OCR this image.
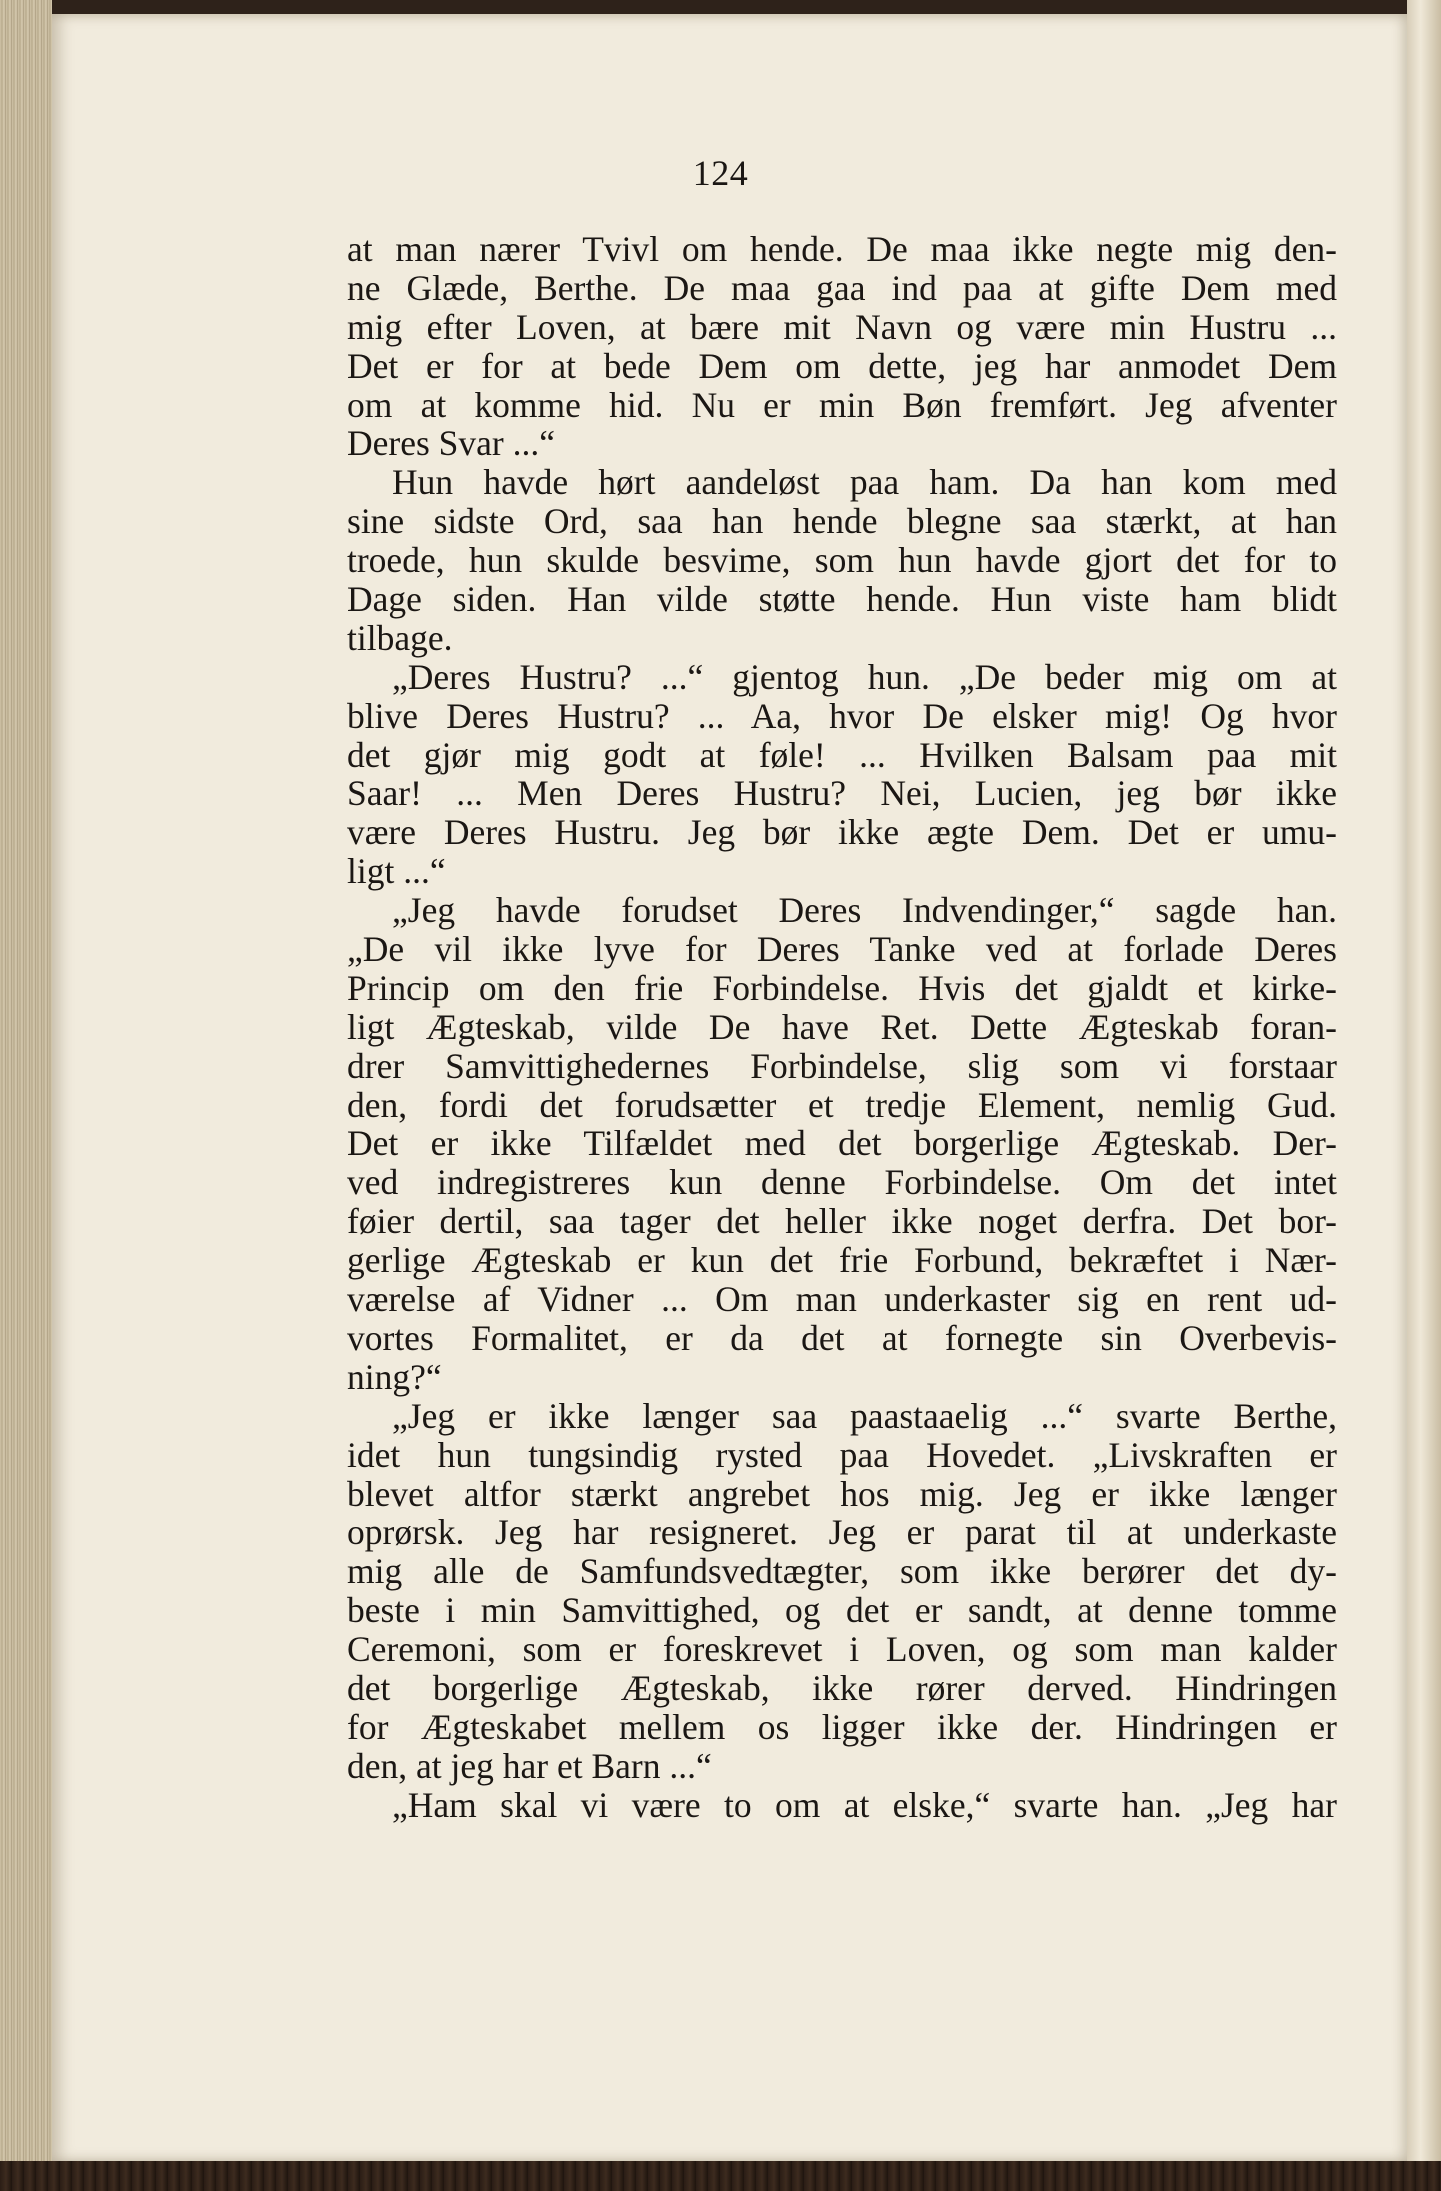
124
at man nærer Tvivl om hende. De maa ikke negte mig den-
ne Glæde, Berthe. De maa gaa ind paa at gifte Dem med
mig efter Loven, at bære mit Navn og være min Hustru ...
Det er for at bede Dem om dette, jeg har anmodet Dem
om at komme hid. Nu er min Bøn fremført. Jeg afventer
Deres Svar ...“
Hun havde hørt aandeløst paa ham. Da han kom med
sine sidste Ord, saa han hende blegne saa stærkt, at han
troede, hun skulde besvime, som hun havde gjort det for to
Dage siden. Han vilde støtte hende. Hun viste ham blidt
tilbage.
„Deres Hustru? ...“ gjentog hun. „De beder mig om at
blive Deres Hustru? ... Aa, hvor De elsker mig! Og hvor
det gjør mig godt at føle! ... Hvilken Balsam paa mit
Saar! ... Men Deres Hustru? Nei, Lucien, jeg bør ikke
være Deres Hustru. Jeg bør ikke ægte Dem. Det er umu-
ligt ...“
„Jeg havde forudset Deres Indvendinger,“ sagde han.
„De vil ikke lyve for Deres Tanke ved at forlade Deres
Princip om den frie Forbindelse. Hvis det gjaldt et kirke-
ligt Ægteskab, vilde De have Ret. Dette Ægteskab foran-
drer Samvittighedernes Forbindelse, slig som vi forstaar
den, fordi det forudsætter et tredje Element, nemlig Gud.
Det er ikke Tilfældet med det borgerlige Ægteskab. Der-
ved indregistreres kun denne Forbindelse. Om det intet
føier dertil, saa tager det heller ikke noget derfra. Det bor-
gerlige Ægteskab er kun det frie Forbund, bekræftet i Nær-
værelse af Vidner ... Om man underkaster sig en rent ud-
vortes Formalitet, er da det at fornegte sin Overbevis-
ning?“
„Jeg er ikke længer saa paastaaelig ...“ svarte Berthe,
idet hun tungsindig rysted paa Hovedet. „Livskraften er
blevet altfor stærkt angrebet hos mig. Jeg er ikke længer
oprørsk. Jeg har resigneret. Jeg er parat til at underkaste
mig alle de Samfundsvedtægter, som ikke berører det dy-
beste i min Samvittighed, og det er sandt, at denne tomme
Ceremoni, som er foreskrevet i Loven, og som man kalder
det borgerlige Ægteskab, ikke rører derved. Hindringen
for Ægteskabet mellem os ligger ikke der. Hindringen er
den, at jeg har et Barn ...“
„Ham skal vi være to om at elske,“ svarte han. „Jeg har
